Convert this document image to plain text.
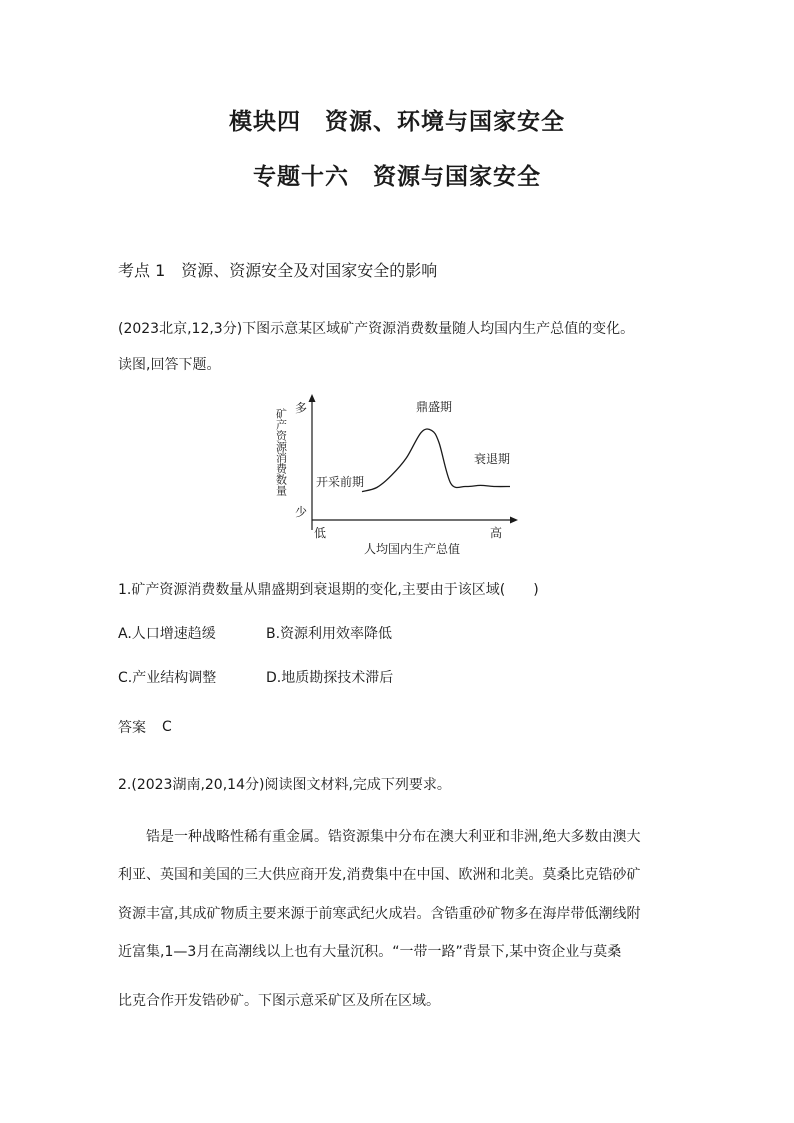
模块四　资源、环境与国家安全
专题十六　资源与国家安全
考点 1　资源、资源安全及对国家安全的影响
(2023北京,12,3分)下图示意某区域矿产资源消费数量随人均国内生产总值的变化。
读图,回答下题。
多
少
矿产资源消费数量
低	高
人均国内生产总值
开采前期
鼎盛期
衰退期
1.矿产资源消费数量从鼎盛期到衰退期的变化,主要由于该区域(　　)
A.人口增速趋缓	B.资源利用效率降低
C.产业结构调整	D.地质勘探技术滞后
答案 C
2.(2023湖南,20,14分)阅读图文材料,完成下列要求。
锆是一种战略性稀有重金属。锆资源集中分布在澳大利亚和非洲,绝大多数由澳大
利亚、英国和美国的三大供应商开发,消费集中在中国、欧洲和北美。莫桑比克锆砂矿
资源丰富,其成矿物质主要来源于前寒武纪火成岩。含锆重砂矿物多在海岸带低潮线附
近富集,1—3月在高潮线以上也有大量沉积。“一带一路”背景下,某中资企业与莫桑
比克合作开发锆砂矿。下图示意采矿区及所在区域。
